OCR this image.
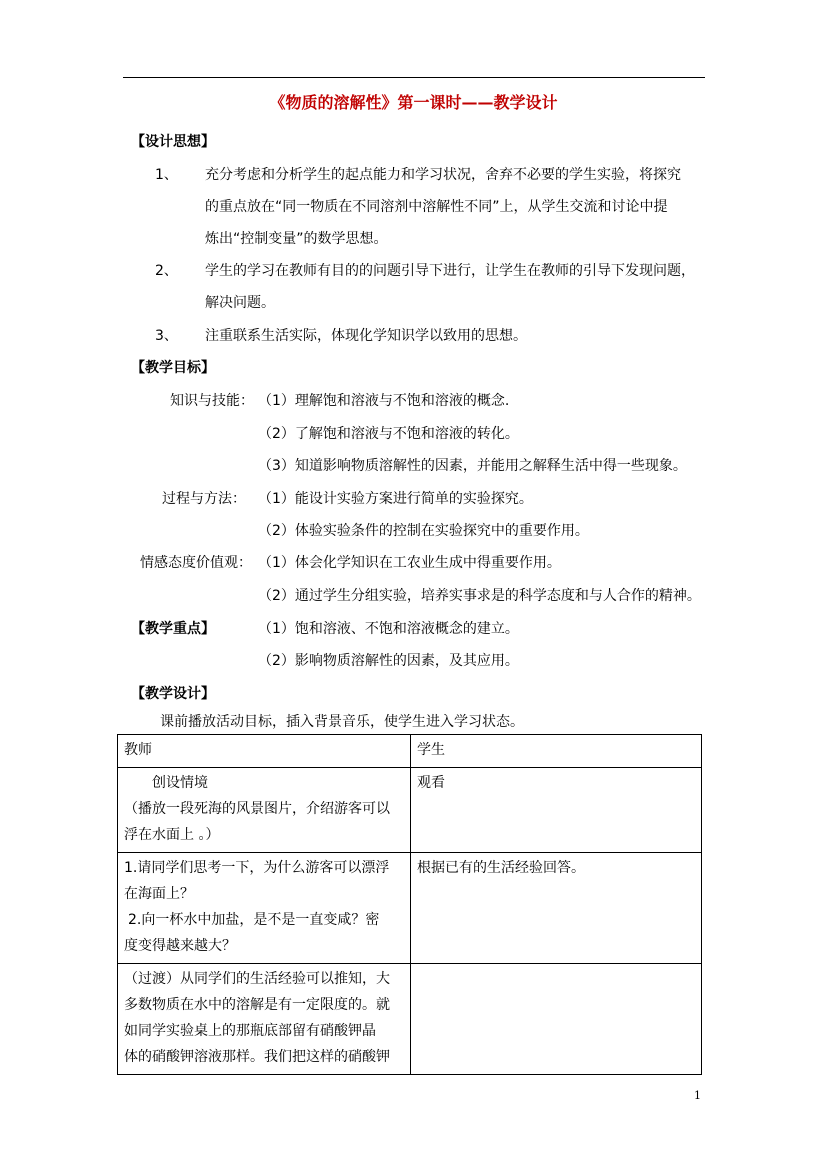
《物质的溶解性》第一课时——教学设计
【设计思想】
1、 充分考虑和分析学生的起点能力和学习状况，舍弃不必要的学生实验，将探究
的重点放在“同一物质在不同溶剂中溶解性不同”上，从学生交流和讨论中提
炼出“控制变量”的数学思想。
2、 学生的学习在教师有目的的问题引导下进行，让学生在教师的引导下发现问题，
解决问题。
3、 注重联系生活实际，体现化学知识学以致用的思想。
【教学目标】
知识与技能： （1）理解饱和溶液与不饱和溶液的概念.
（2）了解饱和溶液与不饱和溶液的转化。
（3）知道影响物质溶解性的因素，并能用之解释生活中得一些现象。
过程与方法： （1）能设计实验方案进行简单的实验探究。
（2）体验实验条件的控制在实验探究中的重要作用。
情感态度价值观： （1）体会化学知识在工农业生成中得重要作用。
（2）通过学生分组实验，培养实事求是的科学态度和与人合作的精神。
【教学重点】	（1）饱和溶液、不饱和溶液概念的建立。
（2）影响物质溶解性的因素，及其应用。
【教学设计】
课前播放活动目标，插入背景音乐，使学生进入学习状态。
教师	学生

创设情境
（播放一段死海的风景图片，介绍游客可以
浮在水面上 。）	观看

1.请同学们思考一下，为什么游客可以漂浮
在海面上？
2.向一杯水中加盐，是不是一直变咸？密
度变得越来越大？	根据已有的生活经验回答。

（过渡）从同学们的生活经验可以推知，大
多数物质在水中的溶解是有一定限度的。就
如同学实验桌上的那瓶底部留有硝酸钾晶
体的硝酸钾溶液那样。我们把这样的硝酸钾	

1
